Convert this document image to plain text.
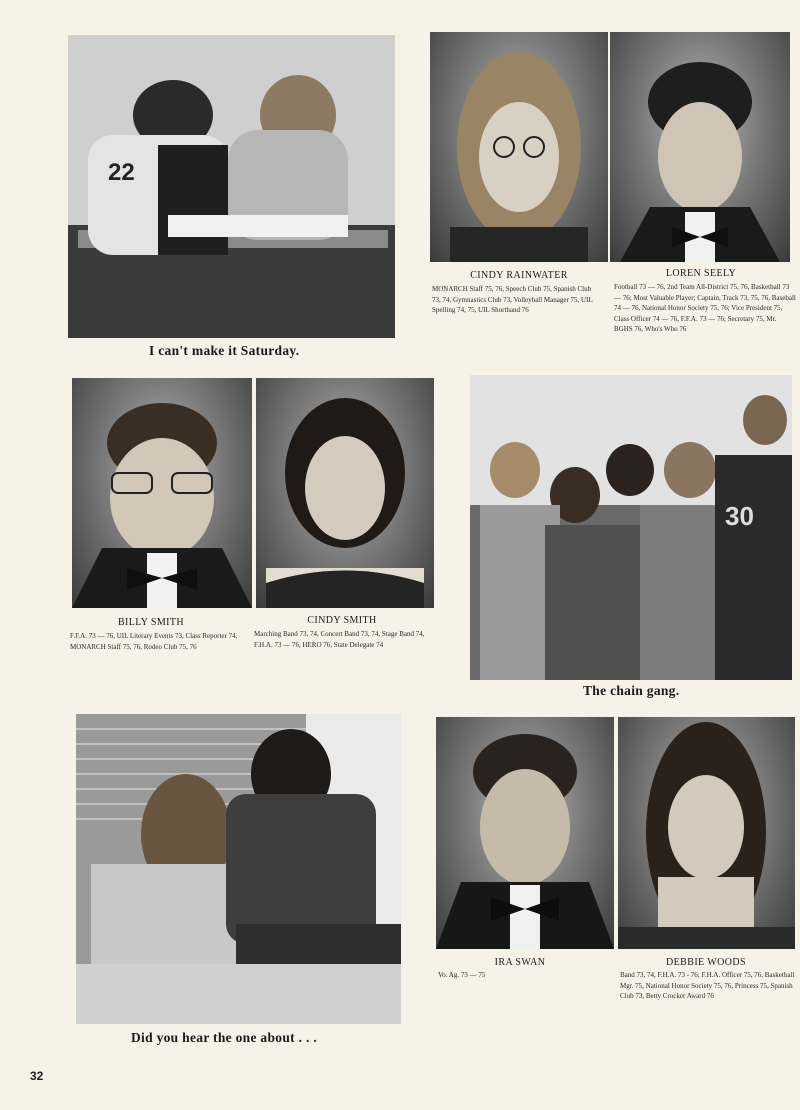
22
I can't make it Saturday.
CINDY RAINWATER
MONARCH Staff 75, 76, Speech Club 75, Spanish Club 73, 74, Gymnastics Club 73, Volleyball Manager 75, UIL Spelling 74, 75, UIL Shorthand 76
LOREN SEELY
Football 73 — 76, 2nd Team All-District 75, 76, Basketball 73 — 76; Most Valuable Player; Captain, Track 73, 75, 76, Baseball 74 — 76, National Honor Society 75, 76; Vice President 75, Class Officer 74 — 76, F.F.A. 73 — 76; Secretary 75, Mr. BGHS 76, Who's Who 76
30
BILLY SMITH
F.F.A. 73 — 76, UIL Literary Events 73, Class Reporter 74, MONARCH Staff 75, 76, Rodeo Club 75, 76
CINDY SMITH
Marching Band 73, 74, Concert Band 73, 74, Stage Band 74, F.H.A. 73 — 76, HERO 76, State Delegate 74
The chain gang.
Did you hear the one about . . .
IRA SWAN
Vo. Ag. 73 — 75
DEBBIE WOODS
Band 73, 74, F.H.A. 73 - 76; F.H.A. Officer 75, 76, Basketball Mgr. 75, National Honor Society 75, 76, Princess 75, Spanish Club 73, Betty Crocker Award 76
32
